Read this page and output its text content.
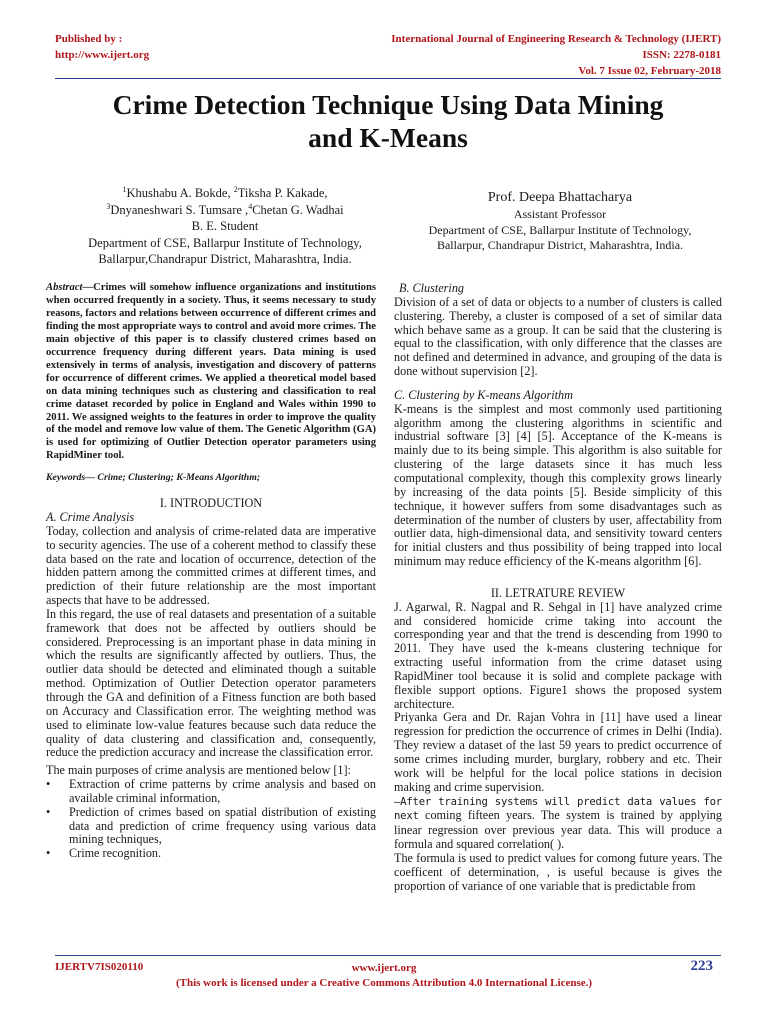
Published by :
http://www.ijert.org
International Journal of Engineering Research & Technology (IJERT)
ISSN: 2278-0181
Vol. 7 Issue 02, February-2018
Crime Detection Technique Using Data Mining
and K-Means
$^1$Khushabu A. Bokde, $^2$Tiksha P. Kakade,
$^3$Dnyaneshwari S. Tumsare ,$^4$Chetan G. Wadhai
B. E. Student
Department of CSE, Ballarpur Institute of Technology,
Ballarpur,Chandrapur District, Maharashtra, India.
Prof. Deepa Bhattacharya
Assistant Professor
Department of CSE, Ballarpur Institute of Technology,
Ballarpur, Chandrapur District, Maharashtra, India.

Abstract—Crimes will somehow influence organizations and institutions when occurred frequently in a society. Thus, it seems necessary to study reasons, factors and relations between occurrence of different crimes and finding the most appropriate ways to control and avoid more crimes. The main objective of this paper is to classify clustered crimes based on occurrence frequency during different years. Data mining is used extensively in terms of analysis, investigation and discovery of patterns for occurrence of different crimes. We applied a theoretical model based on data mining techniques such as clustering and classification to real crime dataset recorded by police in England and Wales within 1990 to 2011. We assigned weights to the features in order to improve the quality of the model and remove low value of them. The Genetic Algorithm (GA) is used for optimizing of Outlier Detection operator parameters using RapidMiner tool.

Keywords— Crime; Clustering; K-Means Algorithm;

I. INTRODUCTION
A. Crime Analysis

Today, collection and analysis of crime-related data are imperative to security agencies. The use of a coherent method to classify these data based on the rate and location of occurrence, detection of the hidden pattern among the committed crimes at different times, and prediction of their future relationship are the most important aspects that have to be addressed.

In this regard, the use of real datasets and presentation of a suitable framework that does not be affected by outliers should be considered. Preprocessing is an important phase in data mining in which the results are significantly affected by outliers. Thus, the outlier data should be detected and eliminated though a suitable method. Optimization of Outlier Detection operator parameters through the GA and definition of a Fitness function are both based on Accuracy and Classification error. The weighting method was used to eliminate low-value features because such data reduce the quality of data clustering and classification and, consequently, reduce the prediction accuracy and increase the classification error.

The main purposes of crime analysis are mentioned below [1]:

• Extraction of crime patterns by crime analysis and based on available criminal information,
• Prediction of crimes based on spatial distribution of existing data and prediction of crime frequency using various data mining techniques,
• Crime recognition.
B. Clustering

Division of a set of data or objects to a number of clusters is called clustering. Thereby, a cluster is composed of a set of similar data which behave same as a group. It can be said that the clustering is equal to the classification, with only difference that the classes are not defined and determined in advance, and grouping of the data is done without supervision [2].

C. Clustering by K-means Algorithm

K-means is the simplest and most commonly used partitioning algorithm among the clustering algorithms in scientific and industrial software [3] [4] [5]. Acceptance of the K-means is mainly due to its being simple. This algorithm is also suitable for clustering of the large datasets since it has much less computational complexity, though this complexity grows linearly by increasing of the data points [5]. Beside simplicity of this technique, it however suffers from some disadvantages such as determination of the number of clusters by user, affectability from outlier data, high-dimensional data, and sensitivity toward centers for initial clusters and thus possibility of being trapped into local minimum may reduce efficiency of the K-means algorithm [6].

II. LETRATURE REVIEW

J. Agarwal, R. Nagpal and R. Sehgal in [1] have analyzed crime and considered homicide crime taking into account the corresponding year and that the trend is descending from 1990 to 2011. They have used the k-means clustering technique for extracting useful information from the crime dataset using RapidMiner tool because it is solid and complete package with flexible support options. Figure1 shows the proposed system architecture.

Priyanka Gera and Dr. Rajan Vohra in [11] have used a linear regression for prediction the occurrence of crimes in Delhi (India). They review a dataset of the last 59 years to predict occurrence of some crimes including murder, burglary, robbery and etc. Their work will be helpful for the local police stations in decision making and crime supervision.

—After training systems will predict data values for next coming fifteen years. The system is trained by applying linear regression over previous year data. This will produce a formula and squared correlation( ).

The formula is used to predict values for comong future years. The coefficent of determination, , is useful because is gives the proportion of variance of one variable that is predictable from

IJERTV7IS020110	www.ijert.org
(This work is licensed under a Creative Commons Attribution 4.0 International License.)
223
